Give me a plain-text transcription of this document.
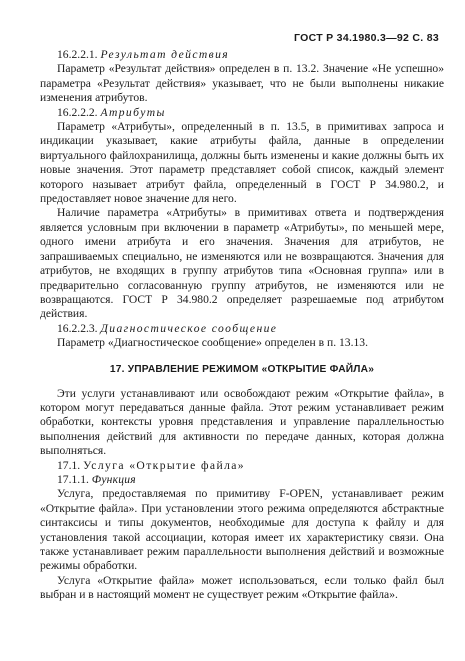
ГОСТ Р 34.1980.3—92 С. 83

16.2.2.1. Результат действия

Параметр «Результат действия» определен в п. 13.2. Значение «Не успешно» параметра «Результат действия» указывает, что не были выполнены никакие изменения атрибутов.

16.2.2.2. Атрибуты

Параметр «Атрибуты», определенный в п. 13.5, в примитивах запроса и индикации указывает, какие атрибуты файла, данные в определении виртуального файлохранилища, должны быть изменены и какие должны быть их новые значения. Этот параметр представляет собой список, каждый элемент которого называет атрибут файла, определенный в ГОСТ Р 34.980.2, и предоставляет новое значение для него.

Наличие параметра «Атрибуты» в примитивах ответа и подтверждения является условным при включении в параметр «Атрибуты», по меньшей мере, одного имени атрибута и его значения. Значения для атрибутов, не запрашиваемых специально, не изменяются или не возвращаются. Значения для атрибутов, не входящих в группу атрибутов типа «Основная группа» или в предварительно согласованную группу атрибутов, не изменяются или не возвращаются. ГОСТ Р 34.980.2 определяет разрешаемые под атрибутом действия.

16.2.2.3. Диагностическое сообщение

Параметр «Диагностическое сообщение» определен в п. 13.13.

17. УПРАВЛЕНИЕ РЕЖИМОМ «ОТКРЫТИЕ ФАЙЛА»

Эти услуги устанавливают или освобождают режим «Открытие файла», в котором могут передаваться данные файла. Этот режим устанавливает режим обработки, контексты уровня представления и управление параллельностью выполнения действий для активности по передаче данных, которая должна выполняться.

17.1. Услуга «Открытие файла»

17.1.1. Функция

Услуга, предоставляемая по примитиву F-OPEN, устанавливает режим «Открытие файла». При установлении этого режима определяются абстрактные синтаксисы и типы документов, необходимые для доступа к файлу и для установления такой ассоциации, которая имеет их характеристику связи. Она также устанавливает режим параллельности выполнения действий и возможные режимы обработки.

Услуга «Открытие файла» может использоваться, если только файл был выбран и в настоящий момент не существует режим «Открытие файла».
